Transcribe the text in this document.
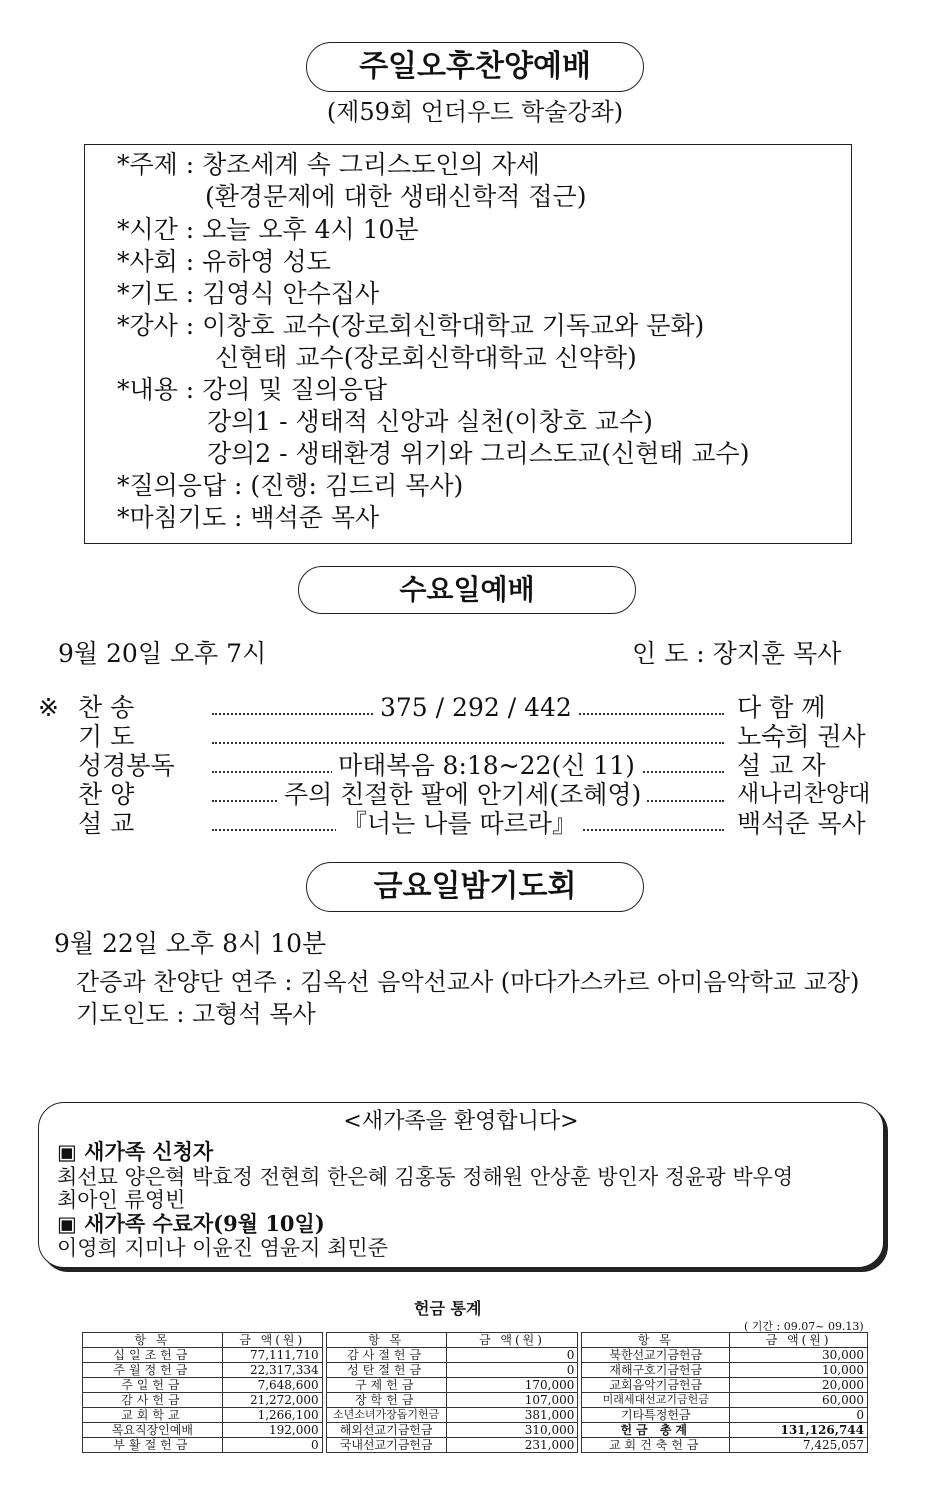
주일오후찬양예배
(제59회 언더우드 학술강좌)
*주제 : 창조세계 속 그리스도인의 자세
(환경문제에 대한 생태신학적 접근)
*시간 : 오늘 오후 4시 10분
*사회 : 유하영 성도
*기도 : 김영식 안수집사
*강사 : 이창호 교수(장로회신학대학교 기독교와 문화)
신현태 교수(장로회신학대학교 신약학)
*내용 : 강의 및 질의응답
강의1 - 생태적 신앙과 실천(이창호 교수)
강의2 - 생태환경 위기와 그리스도교(신현태 교수)
*질의응답 : (진행: 김드리 목사)
*마침기도 : 백석준 목사
수요일예배
9월 20일 오후 7시	인 도 : 장지훈 목사
※ 찬 송	375 / 292 / 442	다 함 께
기 도	노숙희 권사
성경봉독	마태복음 8:18~22(신 11)	설 교 자
찬 양	주의 친절한 팔에 안기세(조혜영)	새나리찬양대
설 교	『너는 나를 따르라』	백석준 목사
금요일밤기도회
9월 22일 오후 8시 10분
간증과 찬양단 연주 : 김옥선 음악선교사 (마다가스카르 아미음악학교 교장)
기도인도 : 고형석 목사
<새가족을 환영합니다>
▣ 새가족 신청자
최선묘 양은혁 박효정 전현희 한은혜 김홍동 정해원 안상훈 방인자 정윤광 박우영
최아인 류영빈
▣ 새가족 수료자(9월 10일)
이영희 지미나 이윤진 염윤지 최민준
헌금 통계
( 기간 : 09.07~ 09.13)
항 목	금 액(원)		항 목	금 액(원)		항 목	금 액(원)
십일조헌금	77,111,710		감사절헌금	0		북한선교기금헌금	30,000
주월정헌금	22,317,334		성탄절헌금	0		재해구호기금헌금	10,000
주일헌금	7,648,600		구제헌금	170,000		교회음악기금헌금	20,000
감사헌금	21,272,000		장학헌금	107,000		미래세대선교기금헌금	60,000
교회학교	1,266,100		소년소녀가장돕기헌금	381,000		기타특정헌금	0
목요직장인예배	192,000		해외선교기금헌금	310,000		헌금 총계	131,126,744
부활절헌금	0		국내선교기금헌금	231,000		교회건축헌금	7,425,057
